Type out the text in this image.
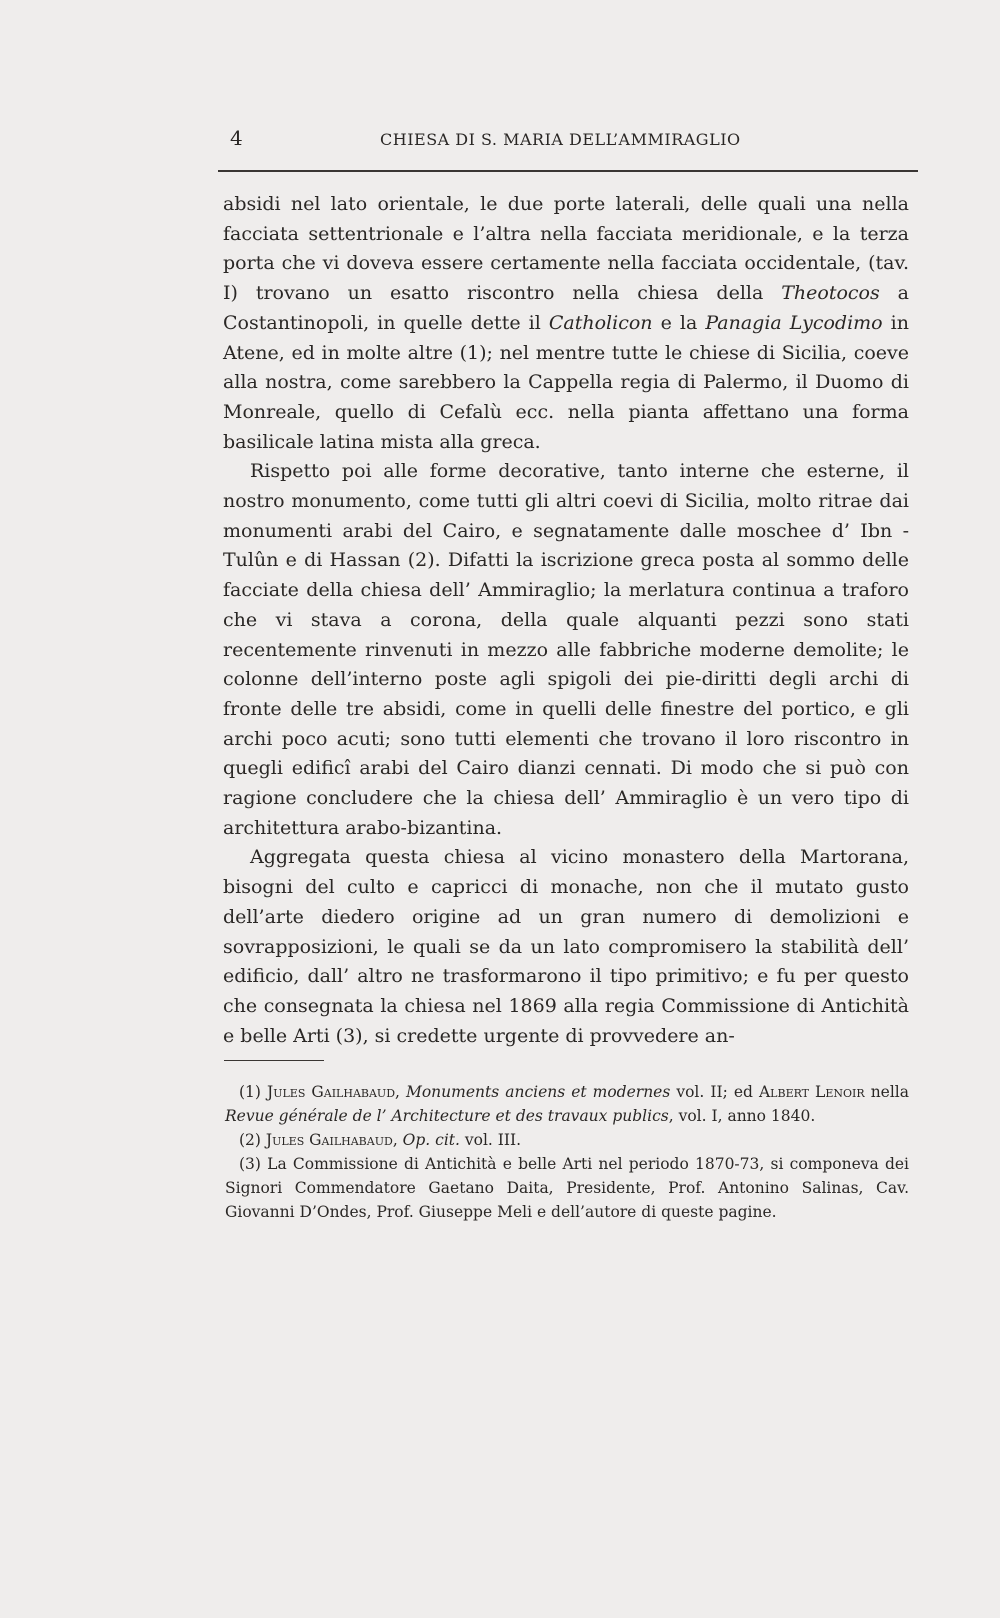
4	CHIESA DI S. MARIA DELL’AMMIRAGLIO

absidi nel lato orientale, le due porte laterali, delle quali una nella facciata settentrionale e l’altra nella facciata meridionale, e la terza porta che vi doveva essere certamente nella facciata occidentale, (tav. I) trovano un esatto riscontro nella chiesa della Theotocos a Costantinopoli, in quelle dette il Catholicon e la Panagia Lycodimo in Atene, ed in molte altre (1); nel mentre tutte le chiese di Sicilia, coeve alla nostra, come sarebbero la Cappella regia di Palermo, il Duomo di Monreale, quello di Cefalù ecc. nella pianta affettano una forma basilicale latina mista alla greca.

Rispetto poi alle forme decorative, tanto interne che esterne, il nostro monumento, come tutti gli altri coevi di Sicilia, molto ritrae dai monumenti arabi del Cairo, e segnatamente dalle moschee d’ Ibn - Tulûn e di Hassan (2). Difatti la iscrizione greca posta al sommo delle facciate della chiesa dell’ Ammiraglio; la merlatura continua a traforo che vi stava a corona, della quale alquanti pezzi sono stati recentemente rinvenuti in mezzo alle fabbriche moderne demolite; le colonne dell’interno poste agli spigoli dei pie-diritti degli archi di fronte delle tre absidi, come in quelli delle finestre del portico, e gli archi poco acuti; sono tutti elementi che trovano il loro riscontro in quegli edificî arabi del Cairo dianzi cennati. Di modo che si può con ragione concludere che la chiesa dell’ Ammiraglio è un vero tipo di architettura arabo-bizantina.

Aggregata questa chiesa al vicino monastero della Martorana, bisogni del culto e capricci di monache, non che il mutato gusto dell’arte diedero origine ad un gran numero di demolizioni e sovrapposizioni, le quali se da un lato compromisero la stabilità dell’ edificio, dall’ altro ne trasformarono il tipo primitivo; e fu per questo che consegnata la chiesa nel 1869 alla regia Commissione di Antichità e belle Arti (3), si credette urgente di provvedere an-

(1) Jules Gailhabaud, Monuments anciens et modernes vol. II; ed Albert Lenoir nella Revue générale de l’ Architecture et des travaux publics, vol. I, anno 1840.

(2) Jules Gailhabaud, Op. cit. vol. III.

(3) La Commissione di Antichità e belle Arti nel periodo 1870-73, si componeva dei Signori Commendatore Gaetano Daita, Presidente, Prof. Antonino Salinas, Cav. Giovanni D’Ondes, Prof. Giuseppe Meli e dell’autore di queste pagine.
